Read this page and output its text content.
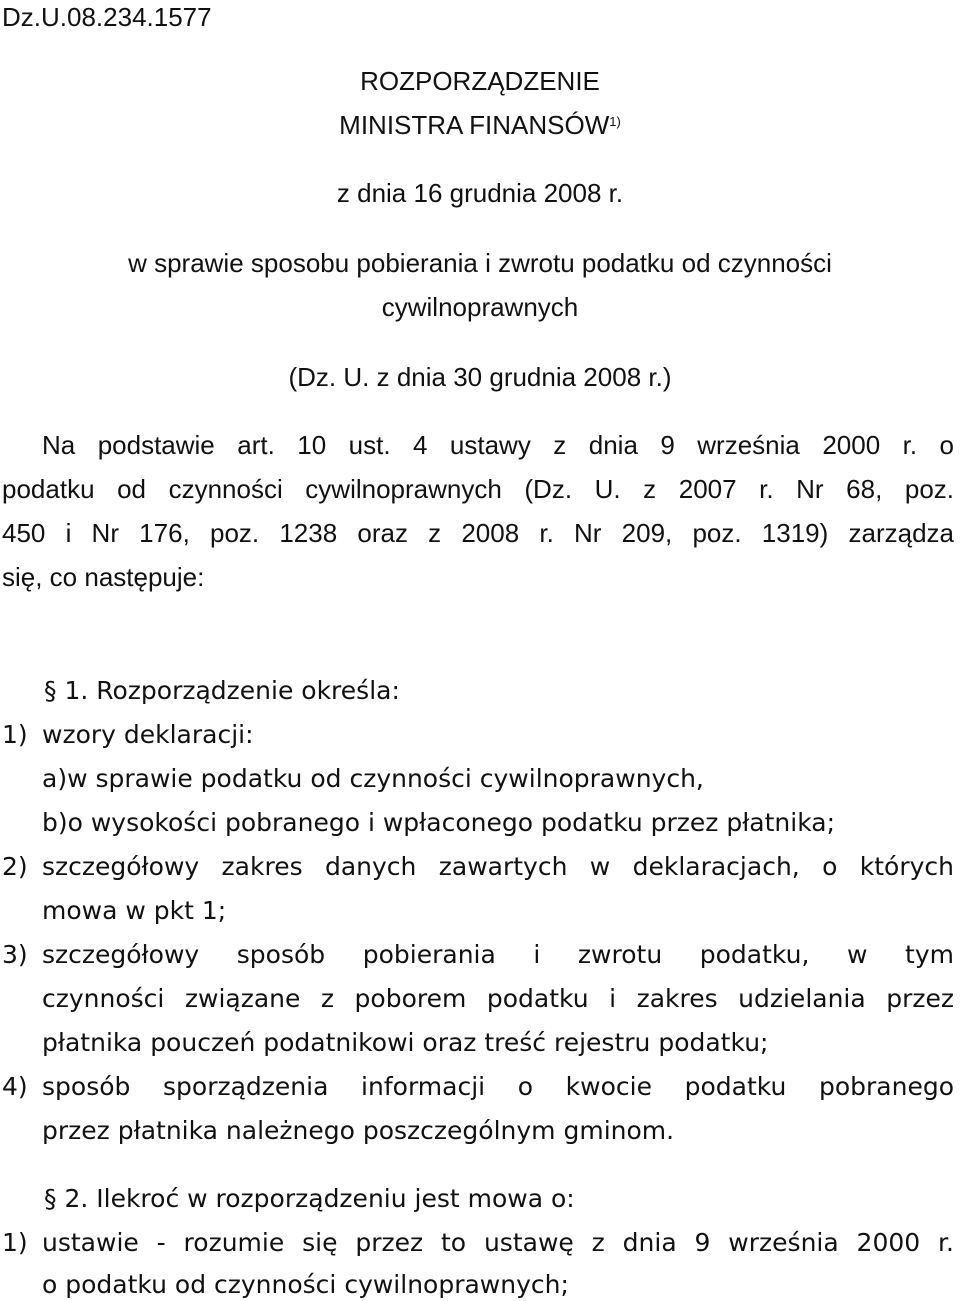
Dz.U.08.234.1577
ROZPORZĄDZENIE
MINISTRA FINANSÓW$^{1)}$
z dnia 16 grudnia 2008 r.
w sprawie sposobu pobierania i zwrotu podatku od czynności
cywilnoprawnych
(Dz. U. z dnia 30 grudnia 2008 r.)
Na podstawie art. 10 ust. 4 ustawy z dnia 9 września 2000 r. o
podatku od czynności cywilnoprawnych (Dz. U. z 2007 r. Nr 68, poz.
450 i Nr 176, poz. 1238 oraz z 2008 r. Nr 209, poz. 1319) zarządza
się, co następuje:
§ 1. Rozporządzenie określa:
1) wzory deklaracji:
a)w sprawie podatku od czynności cywilnoprawnych,
b)o wysokości pobranego i wpłaconego podatku przez płatnika;
2) szczegółowy zakres danych zawartych w deklaracjach, o których
mowa w pkt 1;
3) szczegółowy sposób pobierania i zwrotu podatku, w tym
czynności związane z poborem podatku i zakres udzielania przez
płatnika pouczeń podatnikowi oraz treść rejestru podatku;
4) sposób sporządzenia informacji o kwocie podatku pobranego
przez płatnika należnego poszczególnym gminom.
§ 2. Ilekroć w rozporządzeniu jest mowa o:
1) ustawie - rozumie się przez to ustawę z dnia 9 września 2000 r.
o podatku od czynności cywilnoprawnych;
